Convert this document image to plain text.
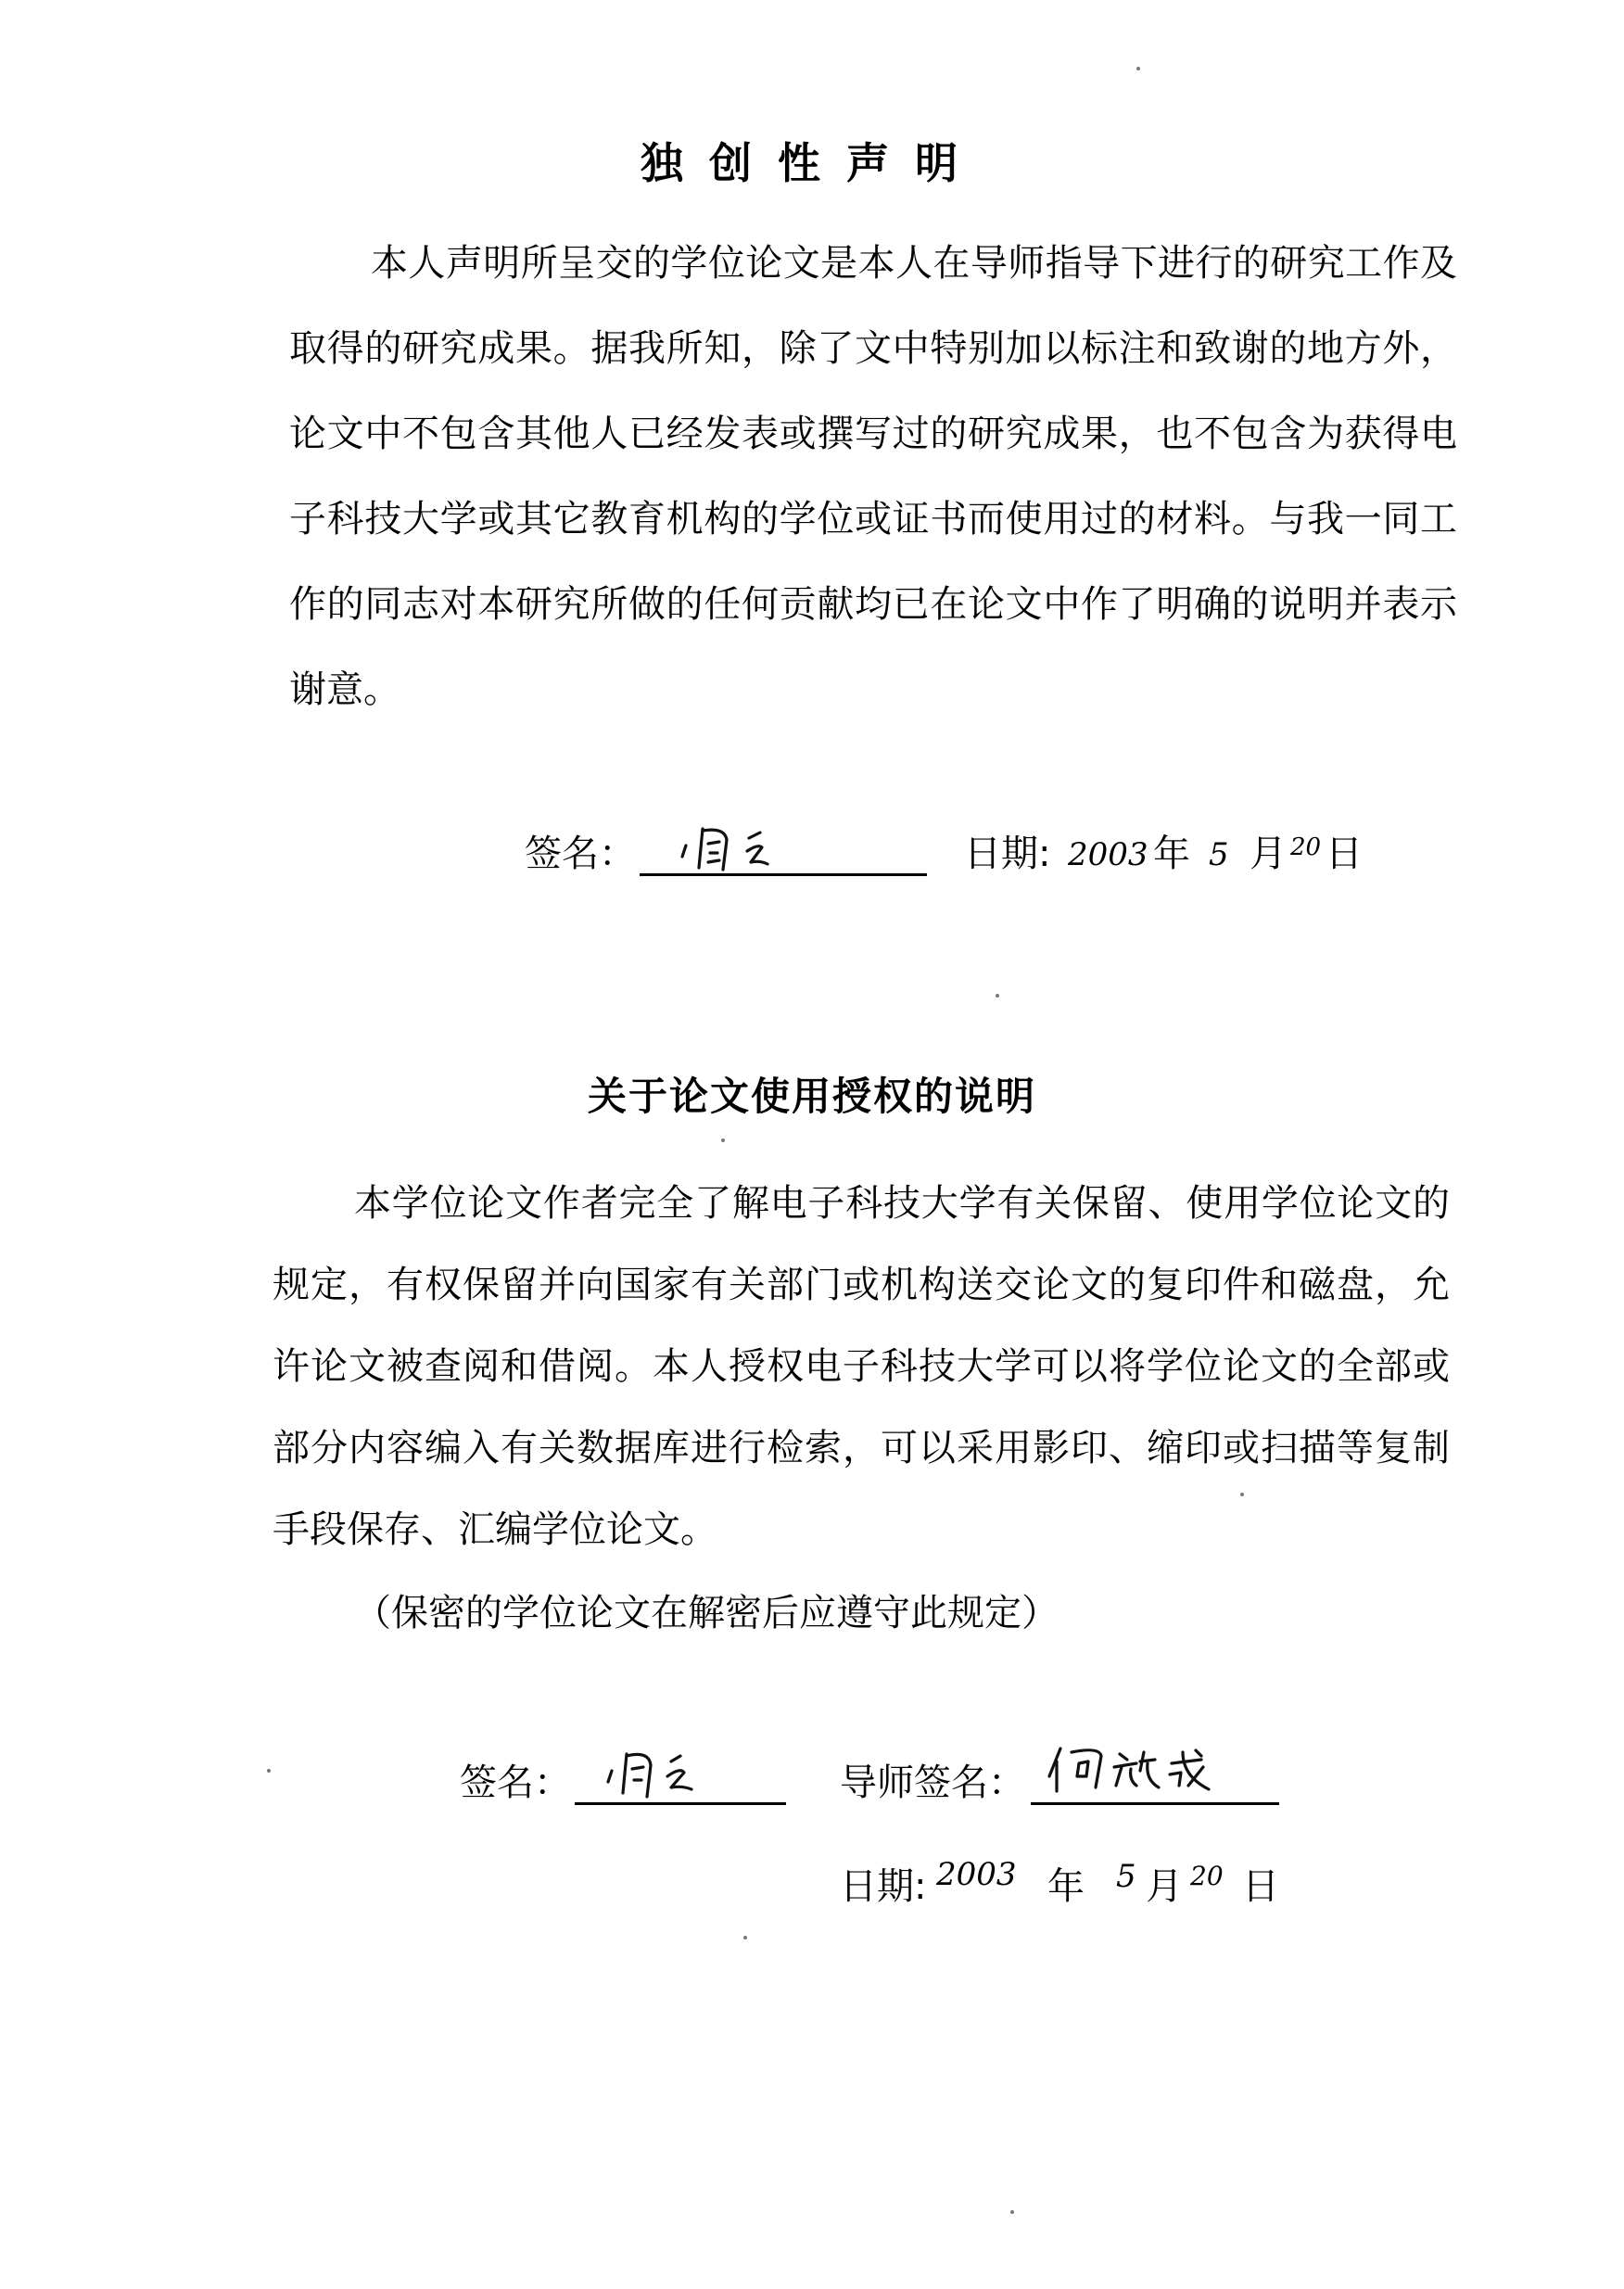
独创性声明

本人声明所呈交的学位论文是本人在导师指导下进行的研究工作及取得的研究成果。据我所知，除了文中特别加以标注和致谢的地方外，论文中不包含其他人已经发表或撰写过的研究成果，也不包含为获得电子科技大学或其它教育机构的学位或证书而使用过的材料。与我一同工作的同志对本研究所做的任何贡献均已在论文中作了明确的说明并表示谢意。

签名：	日期: 2003 年 5 月 20 日
关于论文使用授权的说明

本学位论文作者完全了解电子科技大学有关保留、使用学位论文的规定，有权保留并向国家有关部门或机构送交论文的复印件和磁盘，允许论文被查阅和借阅。本人授权电子科技大学可以将学位论文的全部或部分内容编入有关数据库进行检索，可以采用影印、缩印或扫描等复制手段保存、汇编学位论文。

（保密的学位论文在解密后应遵守此规定）

签名：	导师签名：
日期: 2003 年 5 月 20 日
